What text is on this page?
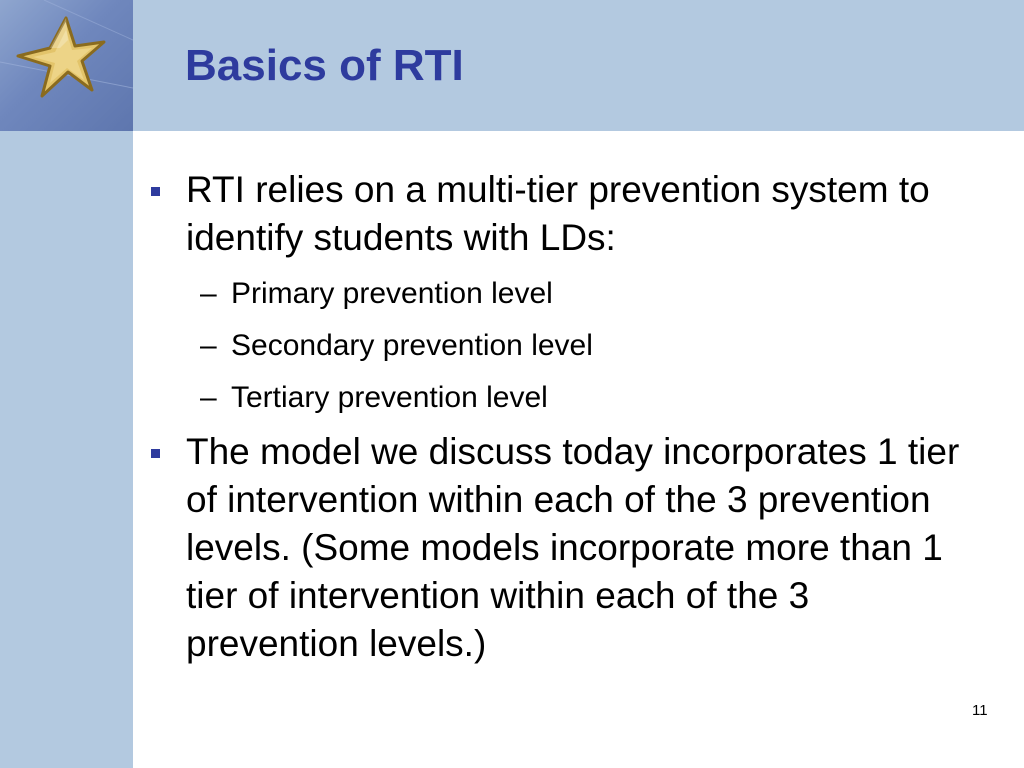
Basics of RTI
RTI relies on a multi-tier prevention system to identify students with LDs:
– Primary prevention level
– Secondary prevention level
– Tertiary prevention level
The model we discuss today incorporates 1 tier of intervention within each of the 3 prevention levels. (Some models incorporate more than 1 tier of intervention within each of the 3 prevention levels.)
11
